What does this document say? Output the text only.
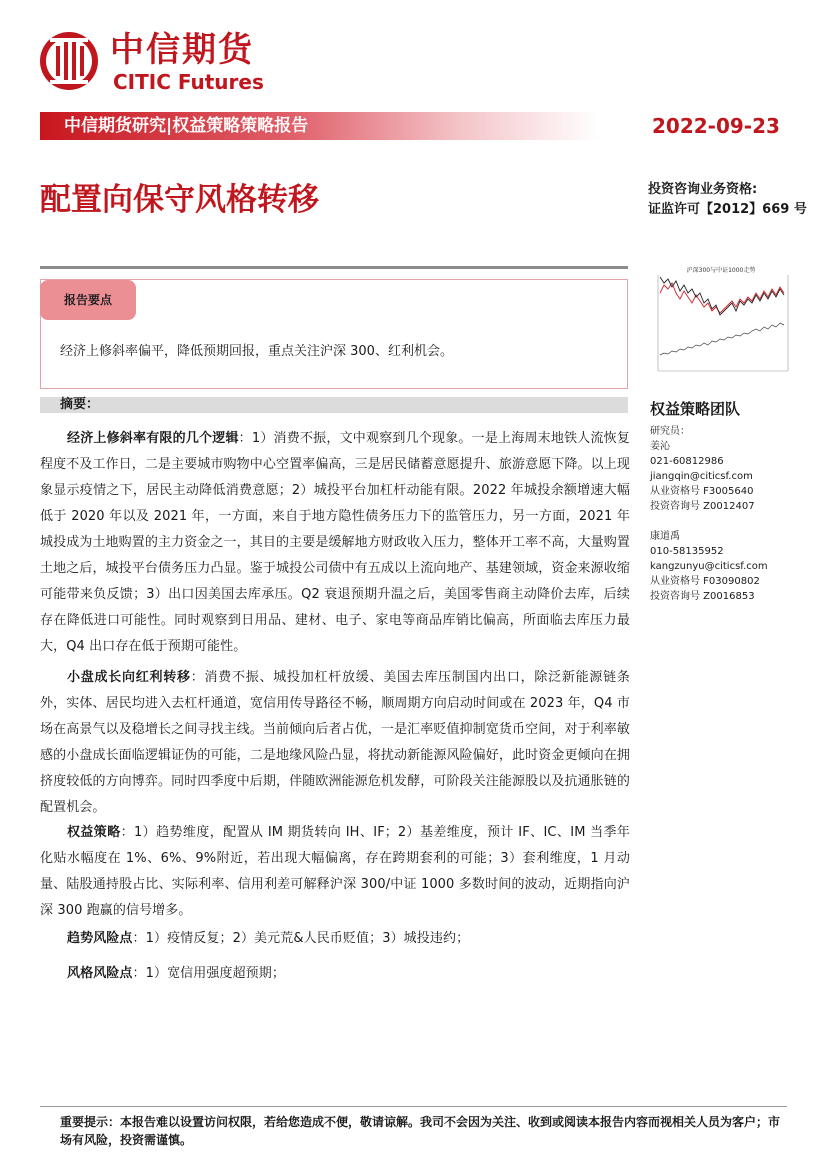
中信期货
CITIC Futures
中信期货研究|权益策略策略报告	2022-09-23
配置向保守风格转移	投资咨询业务资格:
证监许可【2012】669 号
报告要点
经济上修斜率偏平，降低预期回报，重点关注沪深 300、红利机会。
摘要：

经济上修斜率有限的几个逻辑：1）消费不振，文中观察到几个现象。一是上海周末地铁人流恢复程度不及工作日，二是主要城市购物中心空置率偏高，三是居民储蓄意愿提升、旅游意愿下降。以上现象显示疫情之下，居民主动降低消费意愿；2）城投平台加杠杆动能有限。2022 年城投余额增速大幅低于 2020 年以及 2021 年，一方面，来自于地方隐性债务压力下的监管压力，另一方面，2021 年城投成为土地购置的主力资金之一，其目的主要是缓解地方财政收入压力，整体开工率不高，大量购置土地之后，城投平台债务压力凸显。鉴于城投公司债中有五成以上流向地产、基建领域，资金来源收缩可能带来负反馈；3）出口因美国去库承压。Q2 衰退预期升温之后，美国零售商主动降价去库，后续存在降低进口可能性。同时观察到日用品、建材、电子、家电等商品库销比偏高，所面临去库压力最大，Q4 出口存在低于预期可能性。

小盘成长向红利转移：消费不振、城投加杠杆放缓、美国去库压制国内出口，除泛新能源链条外，实体、居民均进入去杠杆通道，宽信用传导路径不畅，顺周期方向启动时间或在 2023 年，Q4 市场在高景气以及稳增长之间寻找主线。当前倾向后者占优，一是汇率贬值抑制宽货币空间，对于利率敏感的小盘成长面临逻辑证伪的可能，二是地缘风险凸显，将扰动新能源风险偏好，此时资金更倾向在拥挤度较低的方向博弈。同时四季度中后期，伴随欧洲能源危机发酵，可阶段关注能源股以及抗通胀链的配置机会。

权益策略：1）趋势维度，配置从 IM 期货转向 IH、IF；2）基差维度，预计 IF、IC、IM 当季年化贴水幅度在 1%、6%、9%附近，若出现大幅偏离，存在跨期套利的可能；3）套利维度，1 月动量、陆股通持股占比、实际利率、信用利差可解释沪深 300/中证 1000 多数时间的波动，近期指向沪深 300 跑赢的信号增多。

趋势风险点：1）疫情反复；2）美元荒&人民币贬值；3）城投违约；

风格风险点：1）宽信用强度超预期；

沪深300与中证1000走势
权益策略团队
研究员：
姜沁
021-60812986
jiangqin@citicsf.com
从业资格号 F3005640
投资咨询号 Z0012407
康道禹
010-58135952
kangzunyu@citicsf.com
从业资格号 F03090802
投资咨询号 Z0016853
重要提示：本报告难以设置访问权限，若给您造成不便，敬请谅解。我司不会因为关注、收到或阅读本报告内容而视相关人员为客户；市场有风险，投资需谨慎。
